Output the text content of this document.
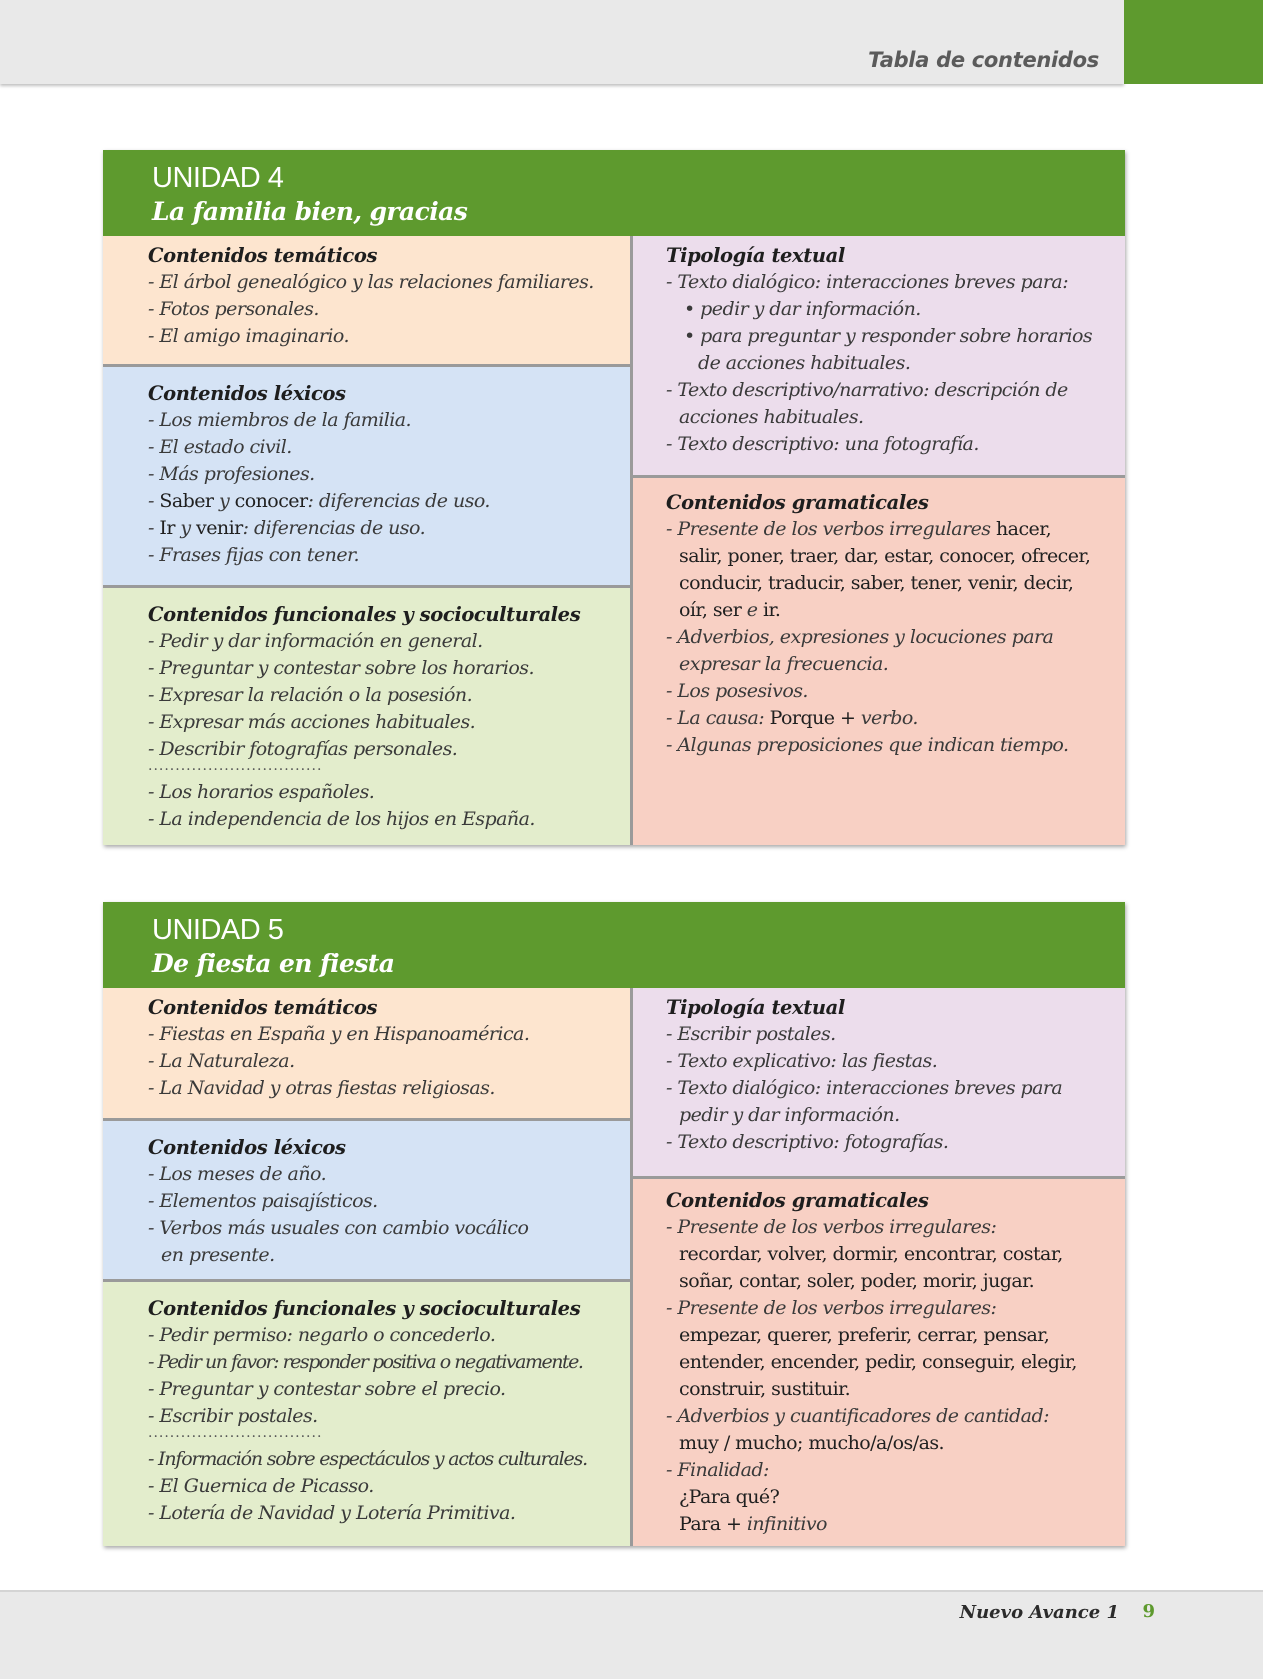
Tabla de contenidos
UNIDAD 4
La familia bien, gracias
Contenidos temáticos
- El árbol genealógico y las relaciones familiares.
- Fotos personales.
- El amigo imaginario.
Contenidos léxicos
- Los miembros de la familia.
- El estado civil.
- Más profesiones.
- Saber y conocer: diferencias de uso.
- Ir y venir: diferencias de uso.
- Frases fijas con tener.
Contenidos funcionales y socioculturales
- Pedir y dar información en general.
- Preguntar y contestar sobre los horarios.
- Expresar la relación o la posesión.
- Expresar más acciones habituales.
- Describir fotografías personales.
................................
- Los horarios españoles.
- La independencia de los hijos en España.
Tipología textual
- Texto dialógico: interacciones breves para:
• pedir y dar información.
• para preguntar y responder sobre horarios
de acciones habituales.
- Texto descriptivo/narrativo: descripción de
acciones habituales.
- Texto descriptivo: una fotografía.
Contenidos gramaticales
- Presente de los verbos irregulares hacer,
salir, poner, traer, dar, estar, conocer, ofrecer,
conducir, traducir, saber, tener, venir, decir,
oír, ser e ir.
- Adverbios, expresiones y locuciones para
expresar la frecuencia.
- Los posesivos.
- La causa: Porque + verbo.
- Algunas preposiciones que indican tiempo.
UNIDAD 5
De fiesta en fiesta
Contenidos temáticos
- Fiestas en España y en Hispanoamérica.
- La Naturaleza.
- La Navidad y otras fiestas religiosas.
Contenidos léxicos
- Los meses de año.
- Elementos paisajísticos.
- Verbos más usuales con cambio vocálico
en presente.
Contenidos funcionales y socioculturales
- Pedir permiso: negarlo o concederlo.
- Pedir un favor: responder positiva o negativamente.
- Preguntar y contestar sobre el precio.
- Escribir postales.
................................
- Información sobre espectáculos y actos culturales.
- El Guernica de Picasso.
- Lotería de Navidad y Lotería Primitiva.
Tipología textual
- Escribir postales.
- Texto explicativo: las fiestas.
- Texto dialógico: interacciones breves para
pedir y dar información.
- Texto descriptivo: fotografías.
Contenidos gramaticales
- Presente de los verbos irregulares:
recordar, volver, dormir, encontrar, costar,
soñar, contar, soler, poder, morir, jugar.
- Presente de los verbos irregulares:
empezar, querer, preferir, cerrar, pensar,
entender, encender, pedir, conseguir, elegir,
construir, sustituir.
- Adverbios y cuantificadores de cantidad:
muy / mucho; mucho/a/os/as.
- Finalidad:
¿Para qué?
Para + infinitivo
Nuevo Avance 1 9
